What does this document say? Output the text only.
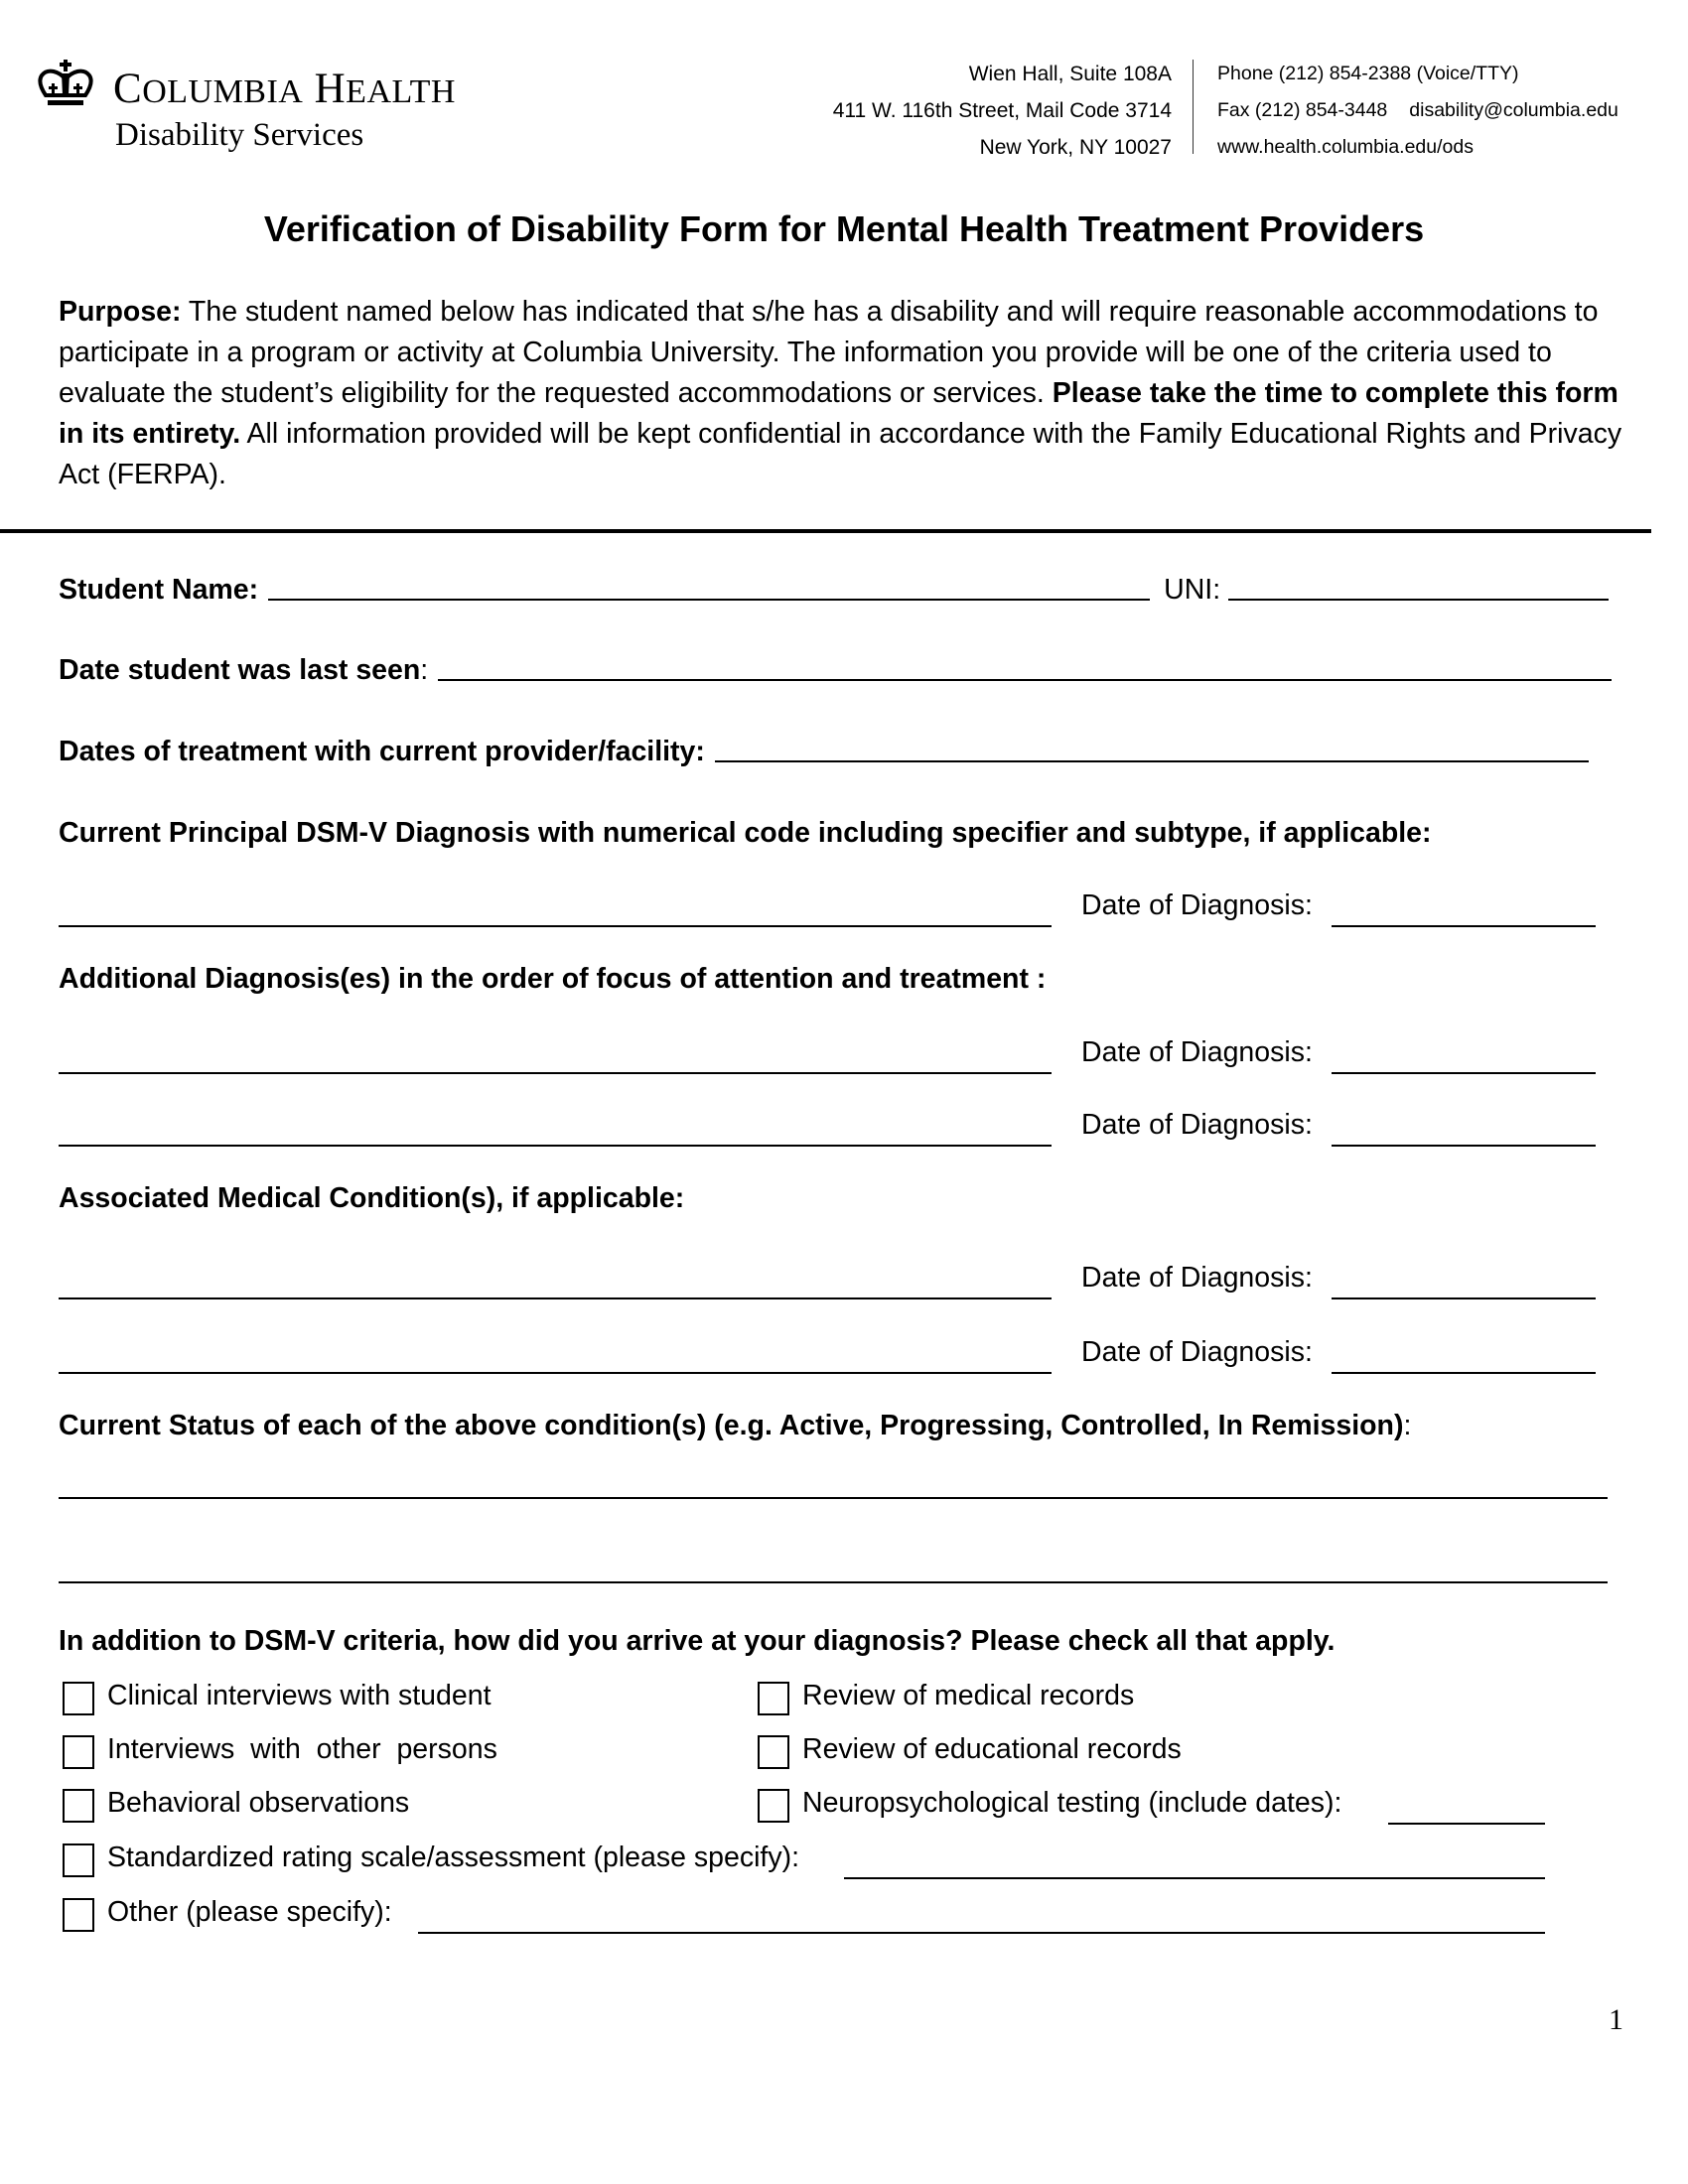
COLUMBIA HEALTH
Disability Services
Wien Hall, Suite 108A
411 W. 116th Street, Mail Code 3714
New York, NY 10027
Phone (212) 854-2388 (Voice/TTY)
Fax (212) 854-3448 disability@columbia.edu
www.health.columbia.edu/ods
Verification of Disability Form for Mental Health Treatment Providers
Purpose: The student named below has indicated that s/he has a disability and will require reasonable accommodations to participate in a program or activity at Columbia University. The information you provide will be one of the criteria used to evaluate the student’s eligibility for the requested accommodations or services. Please take the time to complete this form in its entirety. All information provided will be kept confidential in accordance with the Family Educational Rights and Privacy Act (FERPA).
Student Name:	UNI:
Date student was last seen:
Dates of treatment with current provider/facility:
Current Principal DSM-V Diagnosis with numerical code including specifier and subtype, if applicable:
Date of Diagnosis:
Additional Diagnosis(es) in the order of focus of attention and treatment :
Date of Diagnosis:
Date of Diagnosis:
Associated Medical Condition(s), if applicable:
Date of Diagnosis:
Date of Diagnosis:
Current Status of each of the above condition(s) (e.g. Active, Progressing, Controlled, In Remission):
In addition to DSM-V criteria, how did you arrive at your diagnosis? Please check all that apply.
Clinical interviews with student	Review of medical records
Interviews  with  other  persons	Review of educational records
Behavioral observations	Neuropsychological testing (include dates):
Standardized rating scale/assessment (please specify):
Other (please specify):
1
